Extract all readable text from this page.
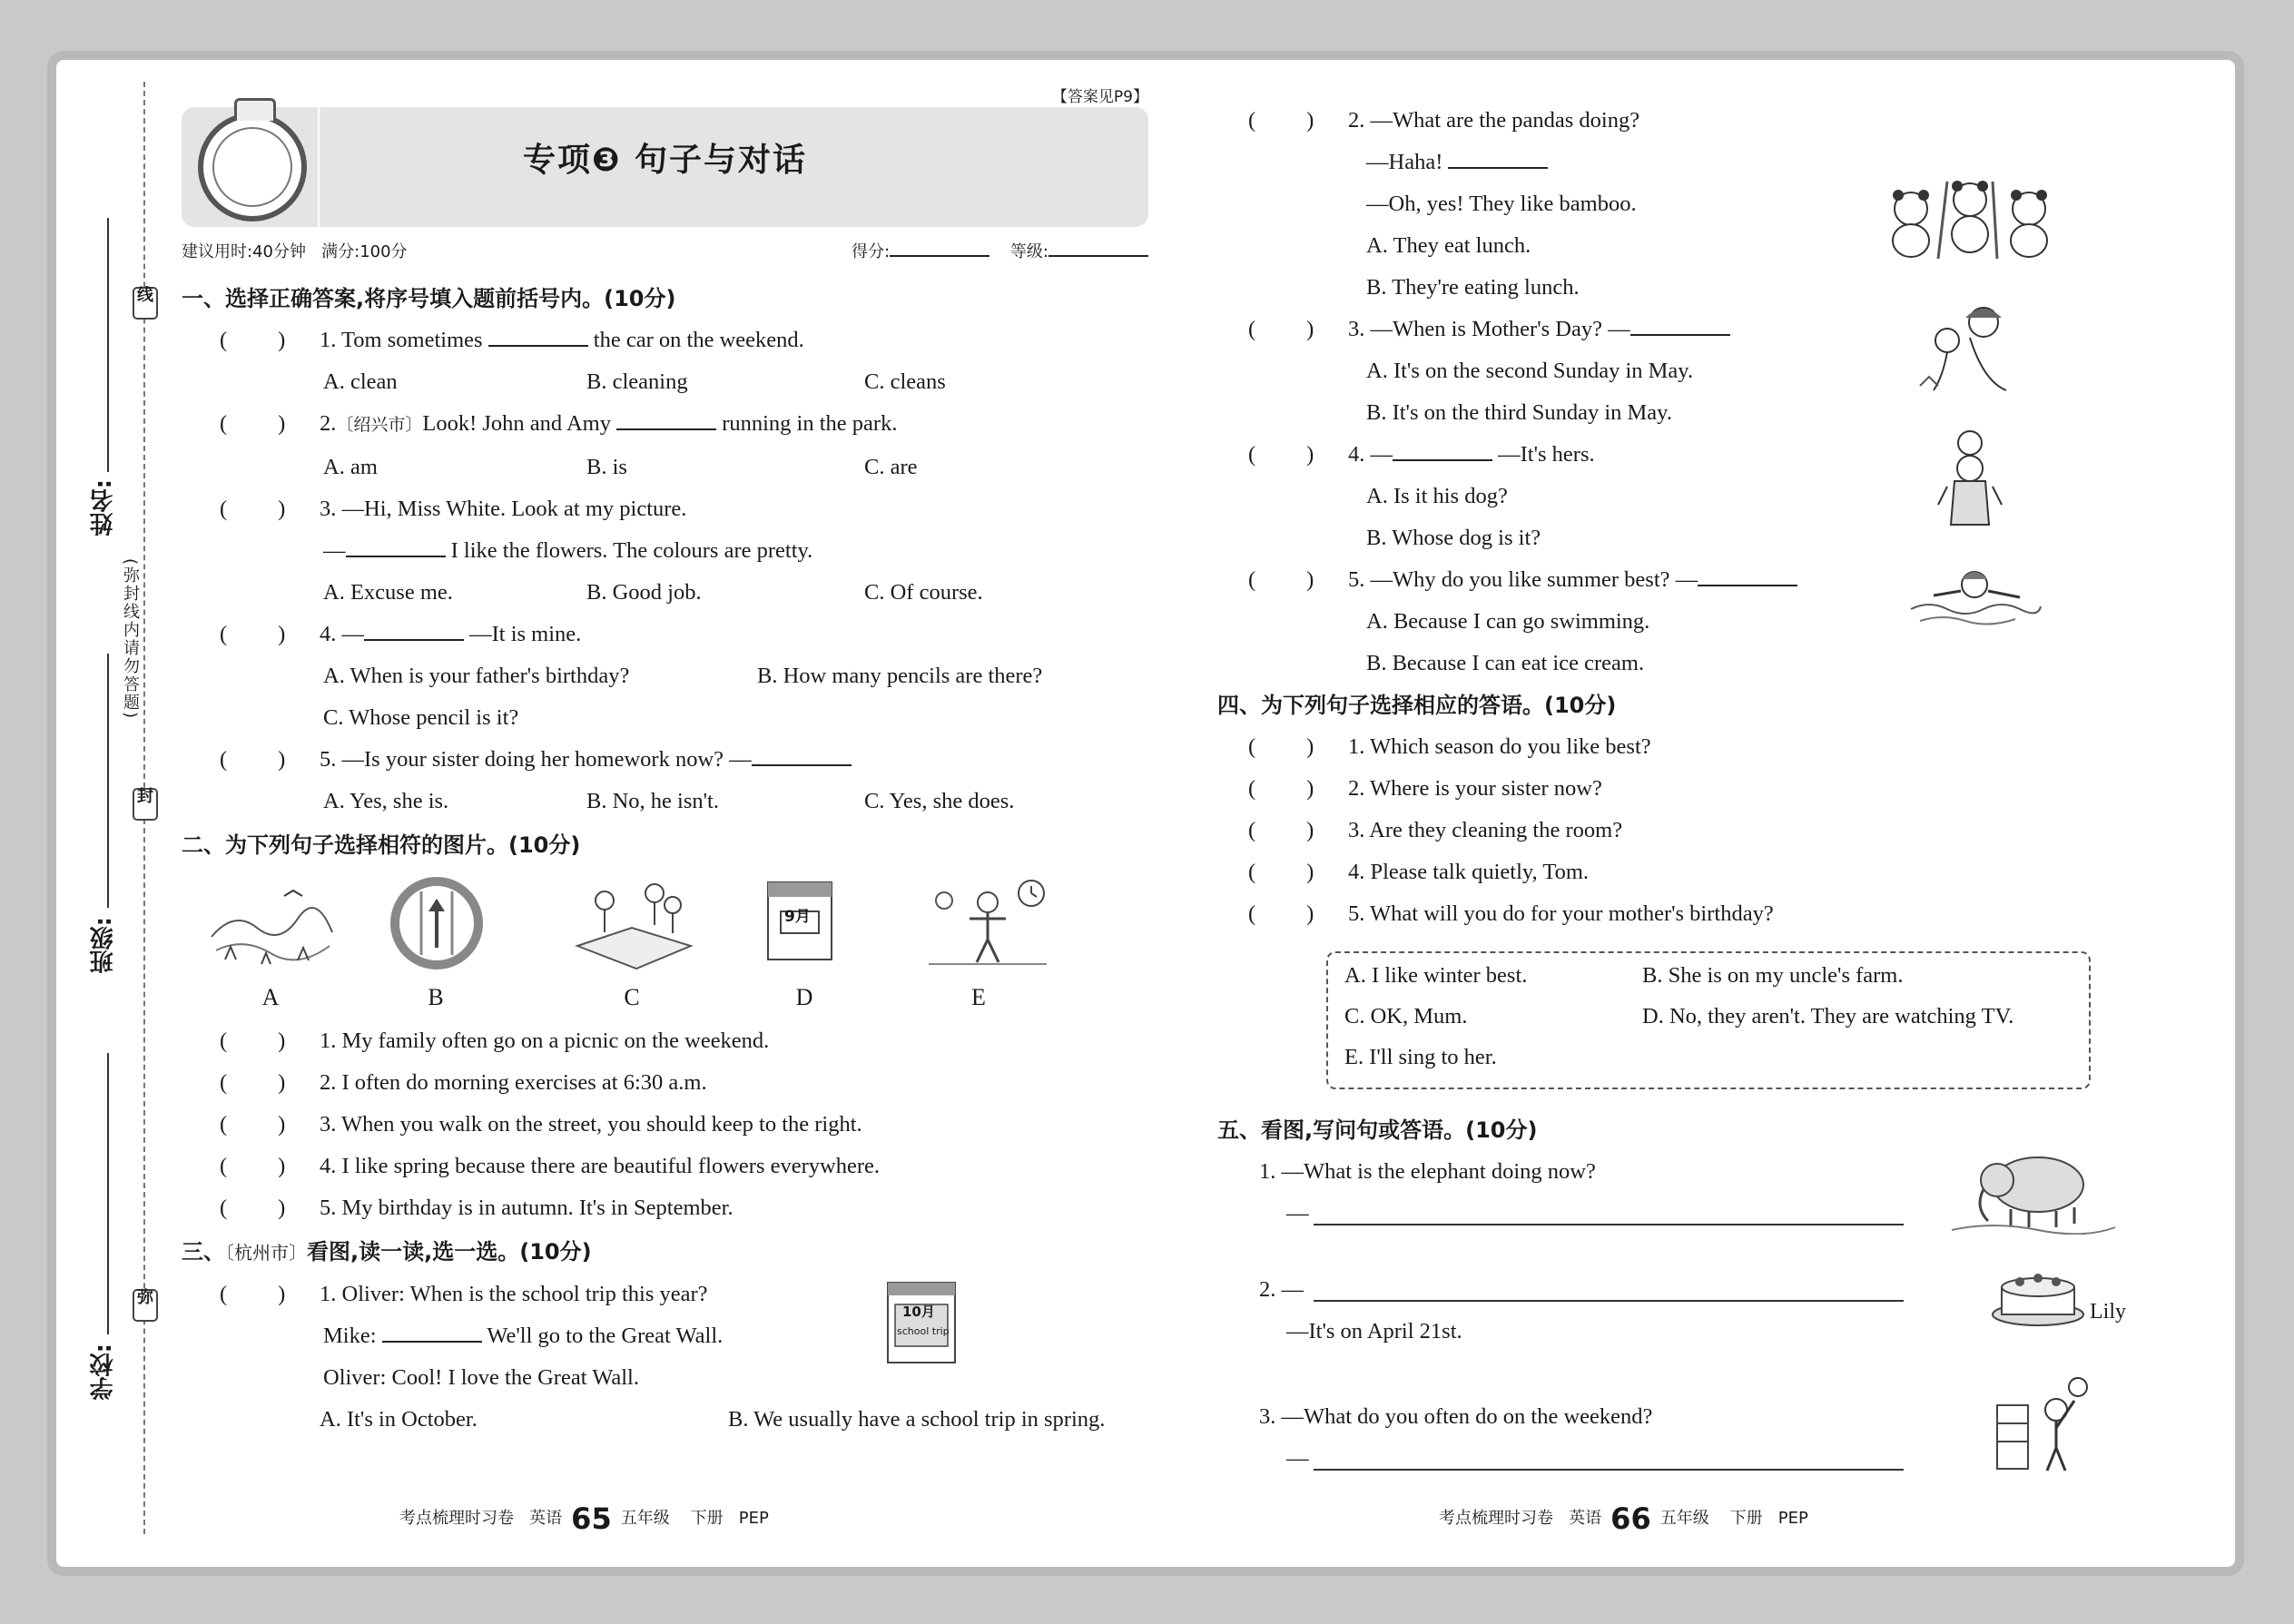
姓名:
班级:
学校:
线
封
弥
(弥封线内请勿答题)
【答案见P9】
专项❸ 句子与对话
建议用时:40分钟 满分:100分	得分:	等级:
一、选择正确答案,将序号填入题前括号内。(10分)
( ) 1. Tom sometimes	the car on the weekend.
A. clean	B. cleaning	C. cleans
( ) 2.〔绍兴市〕Look! John and Amy	running in the park.
A. am	B. is	C. are
( ) 3. —Hi, Miss White. Look at my picture.
—	I like the flowers. The colours are pretty.
A. Excuse me.	B. Good job.	C. Of course.
( ) 4. —	—It is mine.
A. When is your father's birthday?	B. How many pencils are there?
C. Whose pencil is it?
( ) 5. —Is your sister doing her homework now? —
A. Yes, she is.	B. No, he isn't.	C. Yes, she does.
二、为下列句子选择相符的图片。(10分)
A	B	C
9月
D	E
( ) 1. My family often go on a picnic on the weekend.
( ) 2. I often do morning exercises at 6:30 a.m.
( ) 3. When you walk on the street, you should keep to the right.
( ) 4. I like spring because there are beautiful flowers everywhere.
( ) 5. My birthday is in autumn. It's in September.
三、〔杭州市〕看图,读一读,选一选。(10分)
( ) 1. Oliver: When is the school trip this year?
Mike:	We'll go to the Great Wall.
Oliver: Cool! I love the Great Wall.
A. It's in October.	B. We usually have a school trip in spring.
10月
school trip
考点梳理时习卷 英语 65 五年级 下册 PEP
( ) 2. —What are the pandas doing?
—Haha!
—Oh, yes! They like bamboo.
A. They eat lunch.
B. They're eating lunch.
( ) 3. —When is Mother's Day? —
A. It's on the second Sunday in May.
B. It's on the third Sunday in May.
( ) 4. —	—It's hers.
A. Is it his dog?
B. Whose dog is it?
( ) 5. —Why do you like summer best? —
A. Because I can go swimming.
B. Because I can eat ice cream.
四、为下列句子选择相应的答语。(10分)
( ) 1. Which season do you like best?
( ) 2. Where is your sister now?
( ) 3. Are they cleaning the room?
( ) 4. Please talk quietly, Tom.
( ) 5. What will you do for your mother's birthday?
A. I like winter best.	B. She is on my uncle's farm.
C. OK, Mum.	D. No, they aren't. They are watching TV.
E. I'll sing to her.
五、看图,写问句或答语。(10分)
1. —What is the elephant doing now?
—
2. —
—It's on April 21st.
Lily
3. —What do you often do on the weekend?
—
考点梳理时习卷 英语 66 五年级 下册 PEP
